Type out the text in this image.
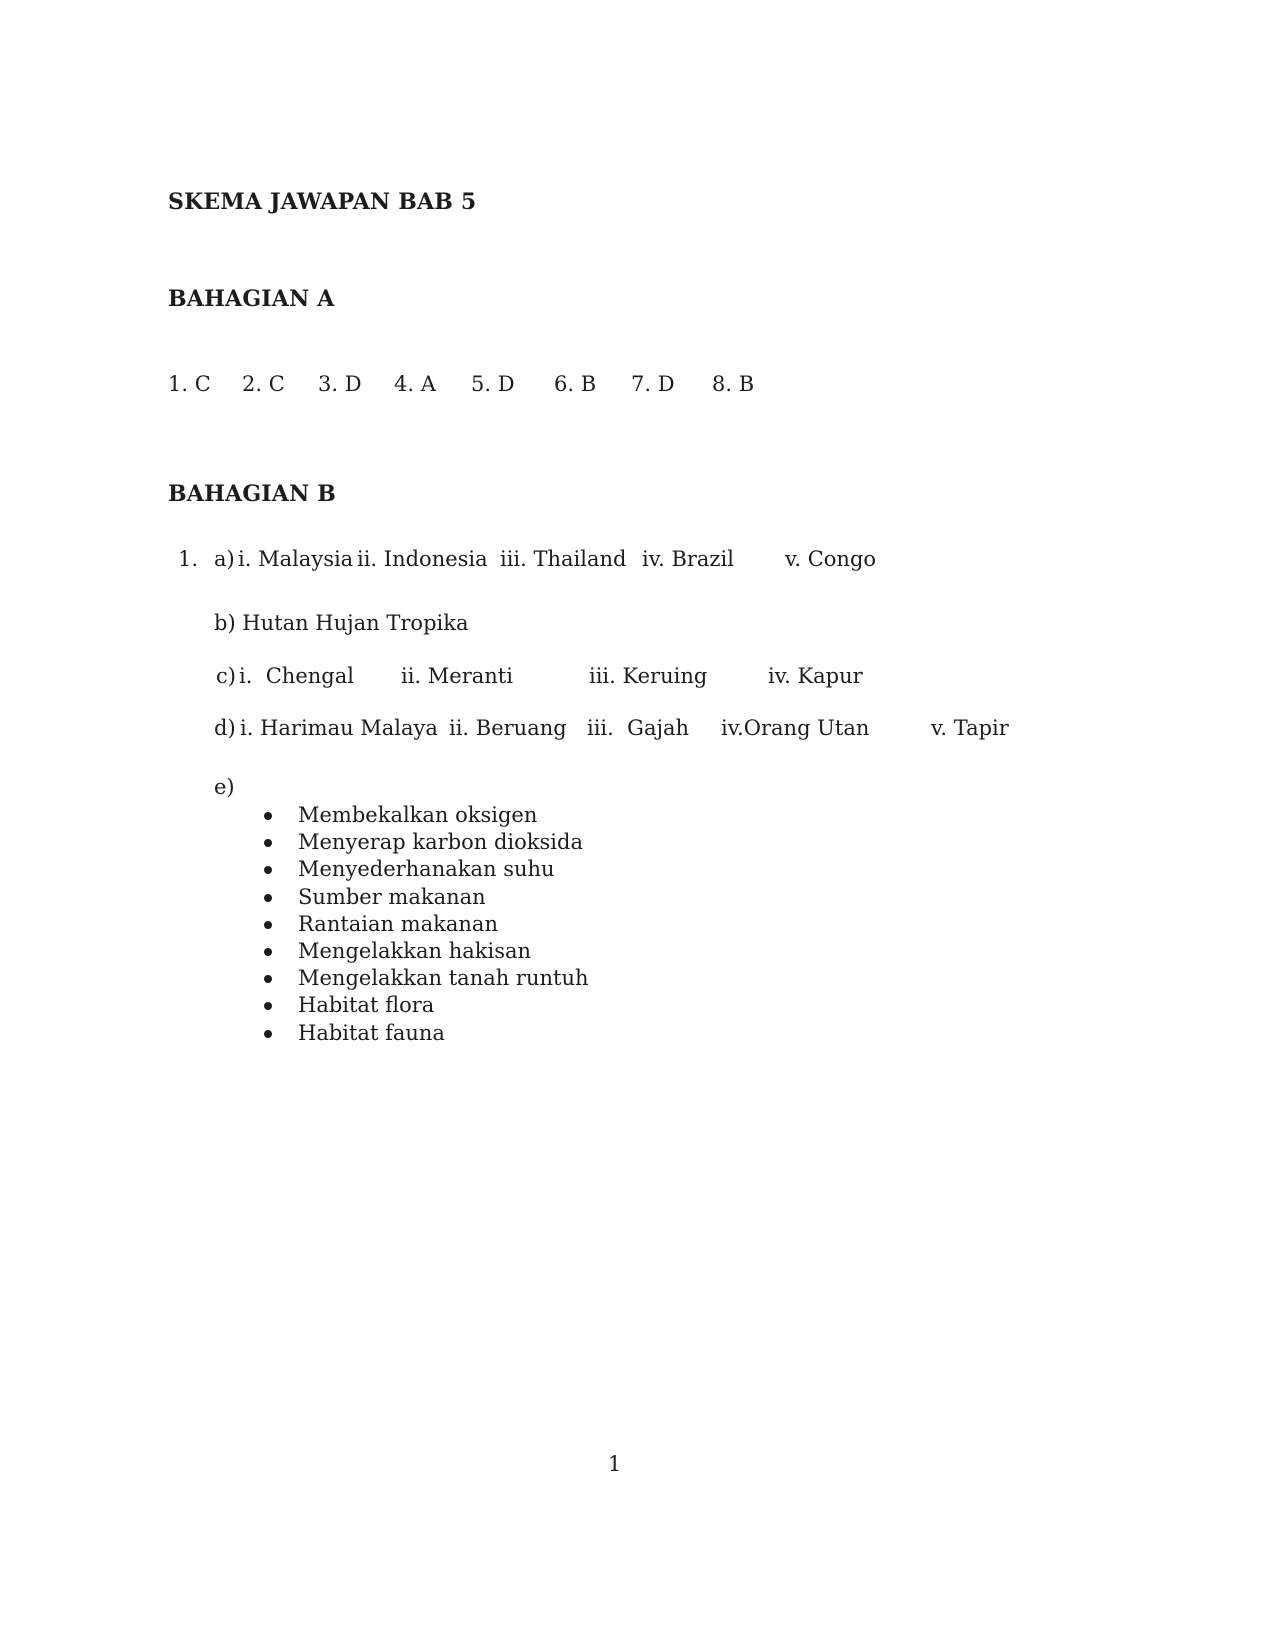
SKEMA JAWAPAN BAB 5
BAHAGIAN A
1. C 2. C 3. D 4. A 5. D 6. B 7. D 8. B
BAHAGIAN B
1. a) i. Malaysia ii. Indonesia iii. Thailand iv. Brazil v. Congo
b) Hutan Hujan Tropika
c) i.  Chengal ii. Meranti	iii. Keruing	iv. Kapur
d) i. Harimau Malaya ii. Beruang iii.  Gajah iv.Orang Utan	v. Tapir
e)
Membekalkan oksigen
Menyerap karbon dioksida
Menyederhanakan suhu
Sumber makanan
Rantaian makanan
Mengelakkan hakisan
Mengelakkan tanah runtuh
Habitat flora
Habitat fauna
1
